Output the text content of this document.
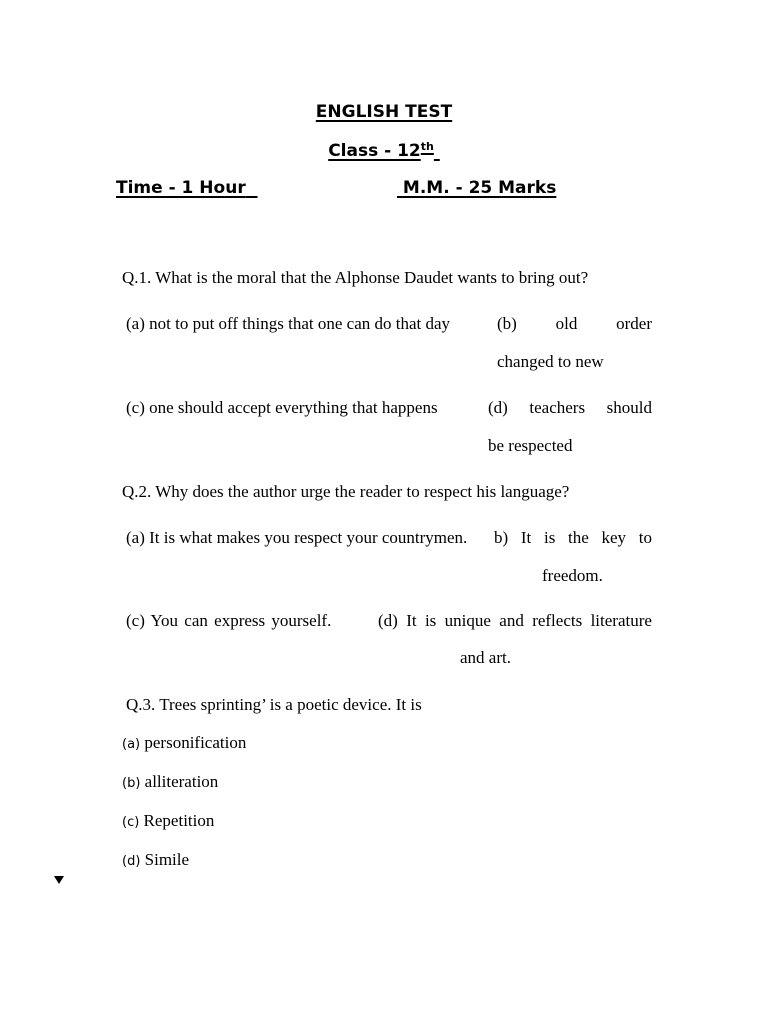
ENGLISH TEST
Class - 12th
Time - 1 Hour	M.M. - 25 Marks
Q.1. What is the moral that the Alphonse Daudet wants to bring out?
(a) not to put off things that one can do that day	(b) old order
changed to new
(c) one should accept everything that happens	(d) teachers should
be respected
Q.2. Why does the author urge the reader to respect his language?
(a) It is what makes you respect your countrymen. b) It is the key to
freedom.
(c) You can express yourself.	(d) It is unique and reflects literature
and art.
Q.3. Trees sprinting’ is a poetic device. It is
(a) personification
(b) alliteration
(c) Repetition
(d) Simile
